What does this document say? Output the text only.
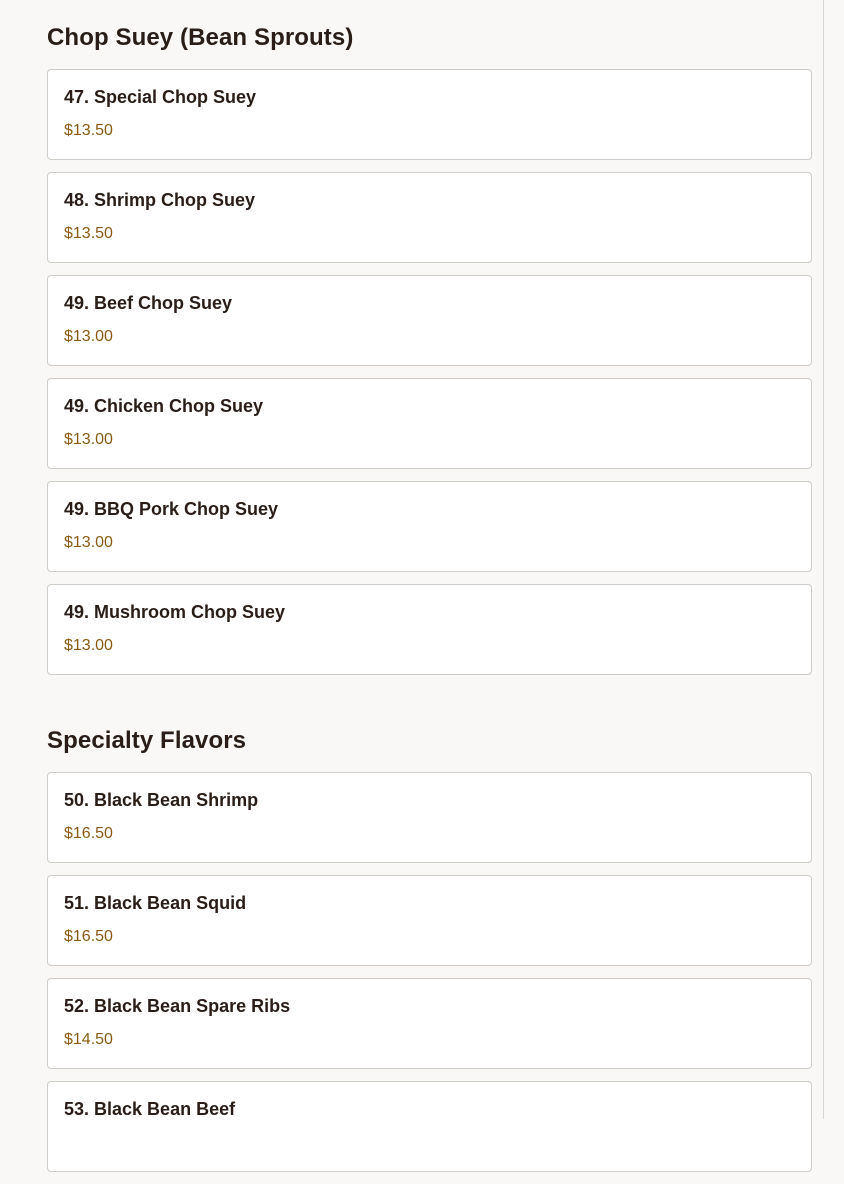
Chop Suey (Bean Sprouts)
47. Special Chop Suey
$13.50
48. Shrimp Chop Suey
$13.50
49. Beef Chop Suey
$13.00
49. Chicken Chop Suey
$13.00
49. BBQ Pork Chop Suey
$13.00
49. Mushroom Chop Suey
$13.00
Specialty Flavors
50. Black Bean Shrimp
$16.50
51. Black Bean Squid
$16.50
52. Black Bean Spare Ribs
$14.50
53. Black Bean Beef
